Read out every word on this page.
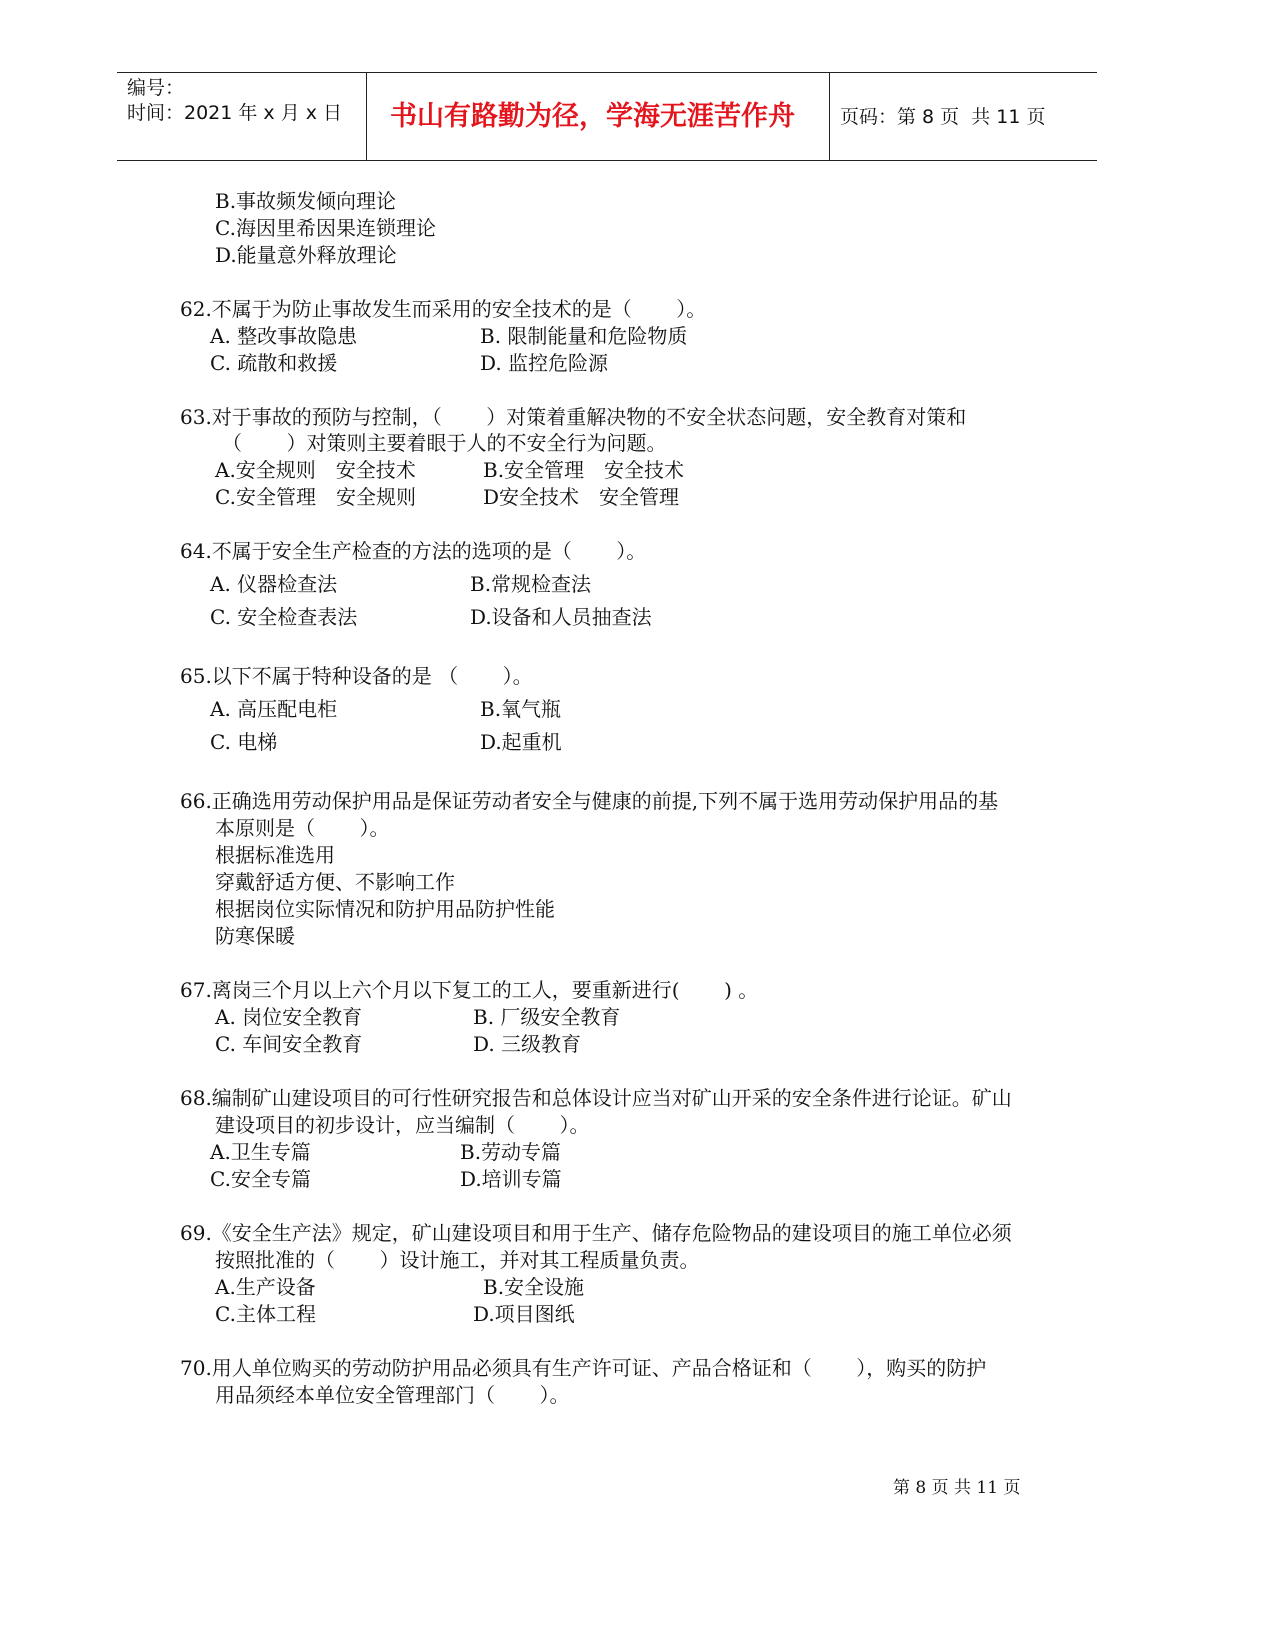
编号：
时间：2021 年 x 月 x 日 书山有路勤为径，学海无涯苦作舟 页码：第 8 页  共 11 页
B.事故频发倾向理论
C.海因里希因果连锁理论
D.能量意外释放理论
62.不属于为防止事故发生而采用的安全技术的是（       ）。
A. 整改事故隐患	B. 限制能量和危险物质
C. 疏散和救援	D. 监控危险源
63.对于事故的预防与控制，（       ）对策着重解决物的不安全状态问题，安全教育对策和
（       ）对策则主要着眼于人的不安全行为问题。
A.安全规则　安全技术	B.安全管理　安全技术
C.安全管理　安全规则	D安全技术　安全管理
64.不属于安全生产检查的方法的选项的是（       ）。
A. 仪器检查法	B.常规检查法
C. 安全检查表法	D.设备和人员抽查法
65.以下不属于特种设备的是 （       ）。
A. 高压配电柜	B.氧气瓶
C. 电梯	D.起重机
66.正确选用劳动保护用品是保证劳动者安全与健康的前提,下列不属于选用劳动保护用品的基
本原则是（       ）。
根据标准选用
穿戴舒适方便、不影响工作
根据岗位实际情况和防护用品防护性能
防寒保暖
67.离岗三个月以上六个月以下复工的工人，要重新进行(       ) 。
A. 岗位安全教育	B. 厂级安全教育
C. 车间安全教育	D. 三级教育
68.编制矿山建设项目的可行性研究报告和总体设计应当对矿山开采的安全条件进行论证。矿山
建设项目的初步设计，应当编制（       ）。
A.卫生专篇	B.劳动专篇
C.安全专篇	D.培训专篇
69.《安全生产法》规定，矿山建设项目和用于生产、储存危险物品的建设项目的施工单位必须
按照批准的（       ）设计施工，并对其工程质量负责。
A.生产设备	B.安全设施
C.主体工程	D.项目图纸
70.用人单位购买的劳动防护用品必须具有生产许可证、产品合格证和（       ），购买的防护
用品须经本单位安全管理部门（       ）。
第 8 页 共 11 页
